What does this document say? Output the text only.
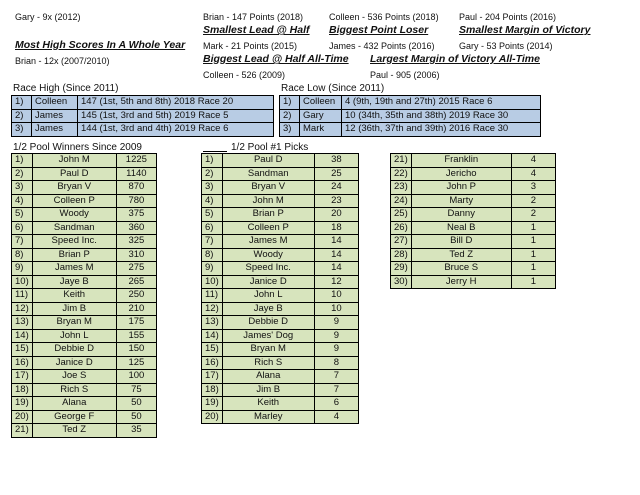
Gary - 9x (2012)
Most High Scores In A Whole Year
Brian - 12x (2007/2010)
Brian - 147 Points (2018)
Smallest Lead @ Half
Mark - 21 Points (2015)
Biggest Lead @ Half All-Time
Colleen - 526 (2009)
Colleen - 536 Points (2018)
Biggest Point Loser
James - 432 Points (2016)
Largest Margin of Victory All-Time
Paul - 905 (2006)
Paul - 204 Points (2016)
Smallest Margin of Victory
Gary - 53 Points (2014)
Race High (Since 2011)
1)	Colleen	147 (1st, 5th and 8th) 2018 Race 20
2)	James	145 (1st, 3rd and 5th) 2019 Race 5
3)	James	144 (1st, 3rd and 4th) 2019 Race 6
Race Low (Since 2011)
1)	Colleen	4 (9th, 19th and 27th) 2015 Race 6
2)	Gary	10 (34th, 35th and 38th) 2019 Race 30
3)	Mark	12 (36th, 37th and 39th) 2016 Race 30
1/2 Pool Winners Since 2009
1)	John M	1225
2)	Paul D	1140
3)	Bryan V	870
4)	Colleen P	780
5)	Woody	375
6)	Sandman	360
7)	Speed Inc.	325
8)	Brian P	310
9)	James M	275
10)	Jaye B	265
11)	Keith	250
12)	Jim B	210
13)	Bryan M	175
14)	John L	155
15)	Debbie D	150
16)	Janice D	125
17)	Joe S	100
18)	Rich S	75
19)	Alana	50
20)	George F	50
21)	Ted Z	35
1/2 Pool #1 Picks
1)	Paul D	38
2)	Sandman	25
3)	Bryan V	24
4)	John M	23
5)	Brian P	20
6)	Colleen P	18
7)	James M	14
8)	Woody	14
9)	Speed Inc.	14
10)	Janice D	12
11)	John L	10
12)	Jaye B	10
13)	Debbie D	9
14)	James' Dog	9
15)	Bryan M	9
16)	Rich S	8
17)	Alana	7
18)	Jim B	7
19)	Keith	6
20)	Marley	4
21)	Franklin	4
22)	Jericho	4
23)	John P	3
24)	Marty	2
25)	Danny	2
26)	Neal B	1
27)	Bill D	1
28)	Ted Z	1
29)	Bruce S	1
30)	Jerry H	1
